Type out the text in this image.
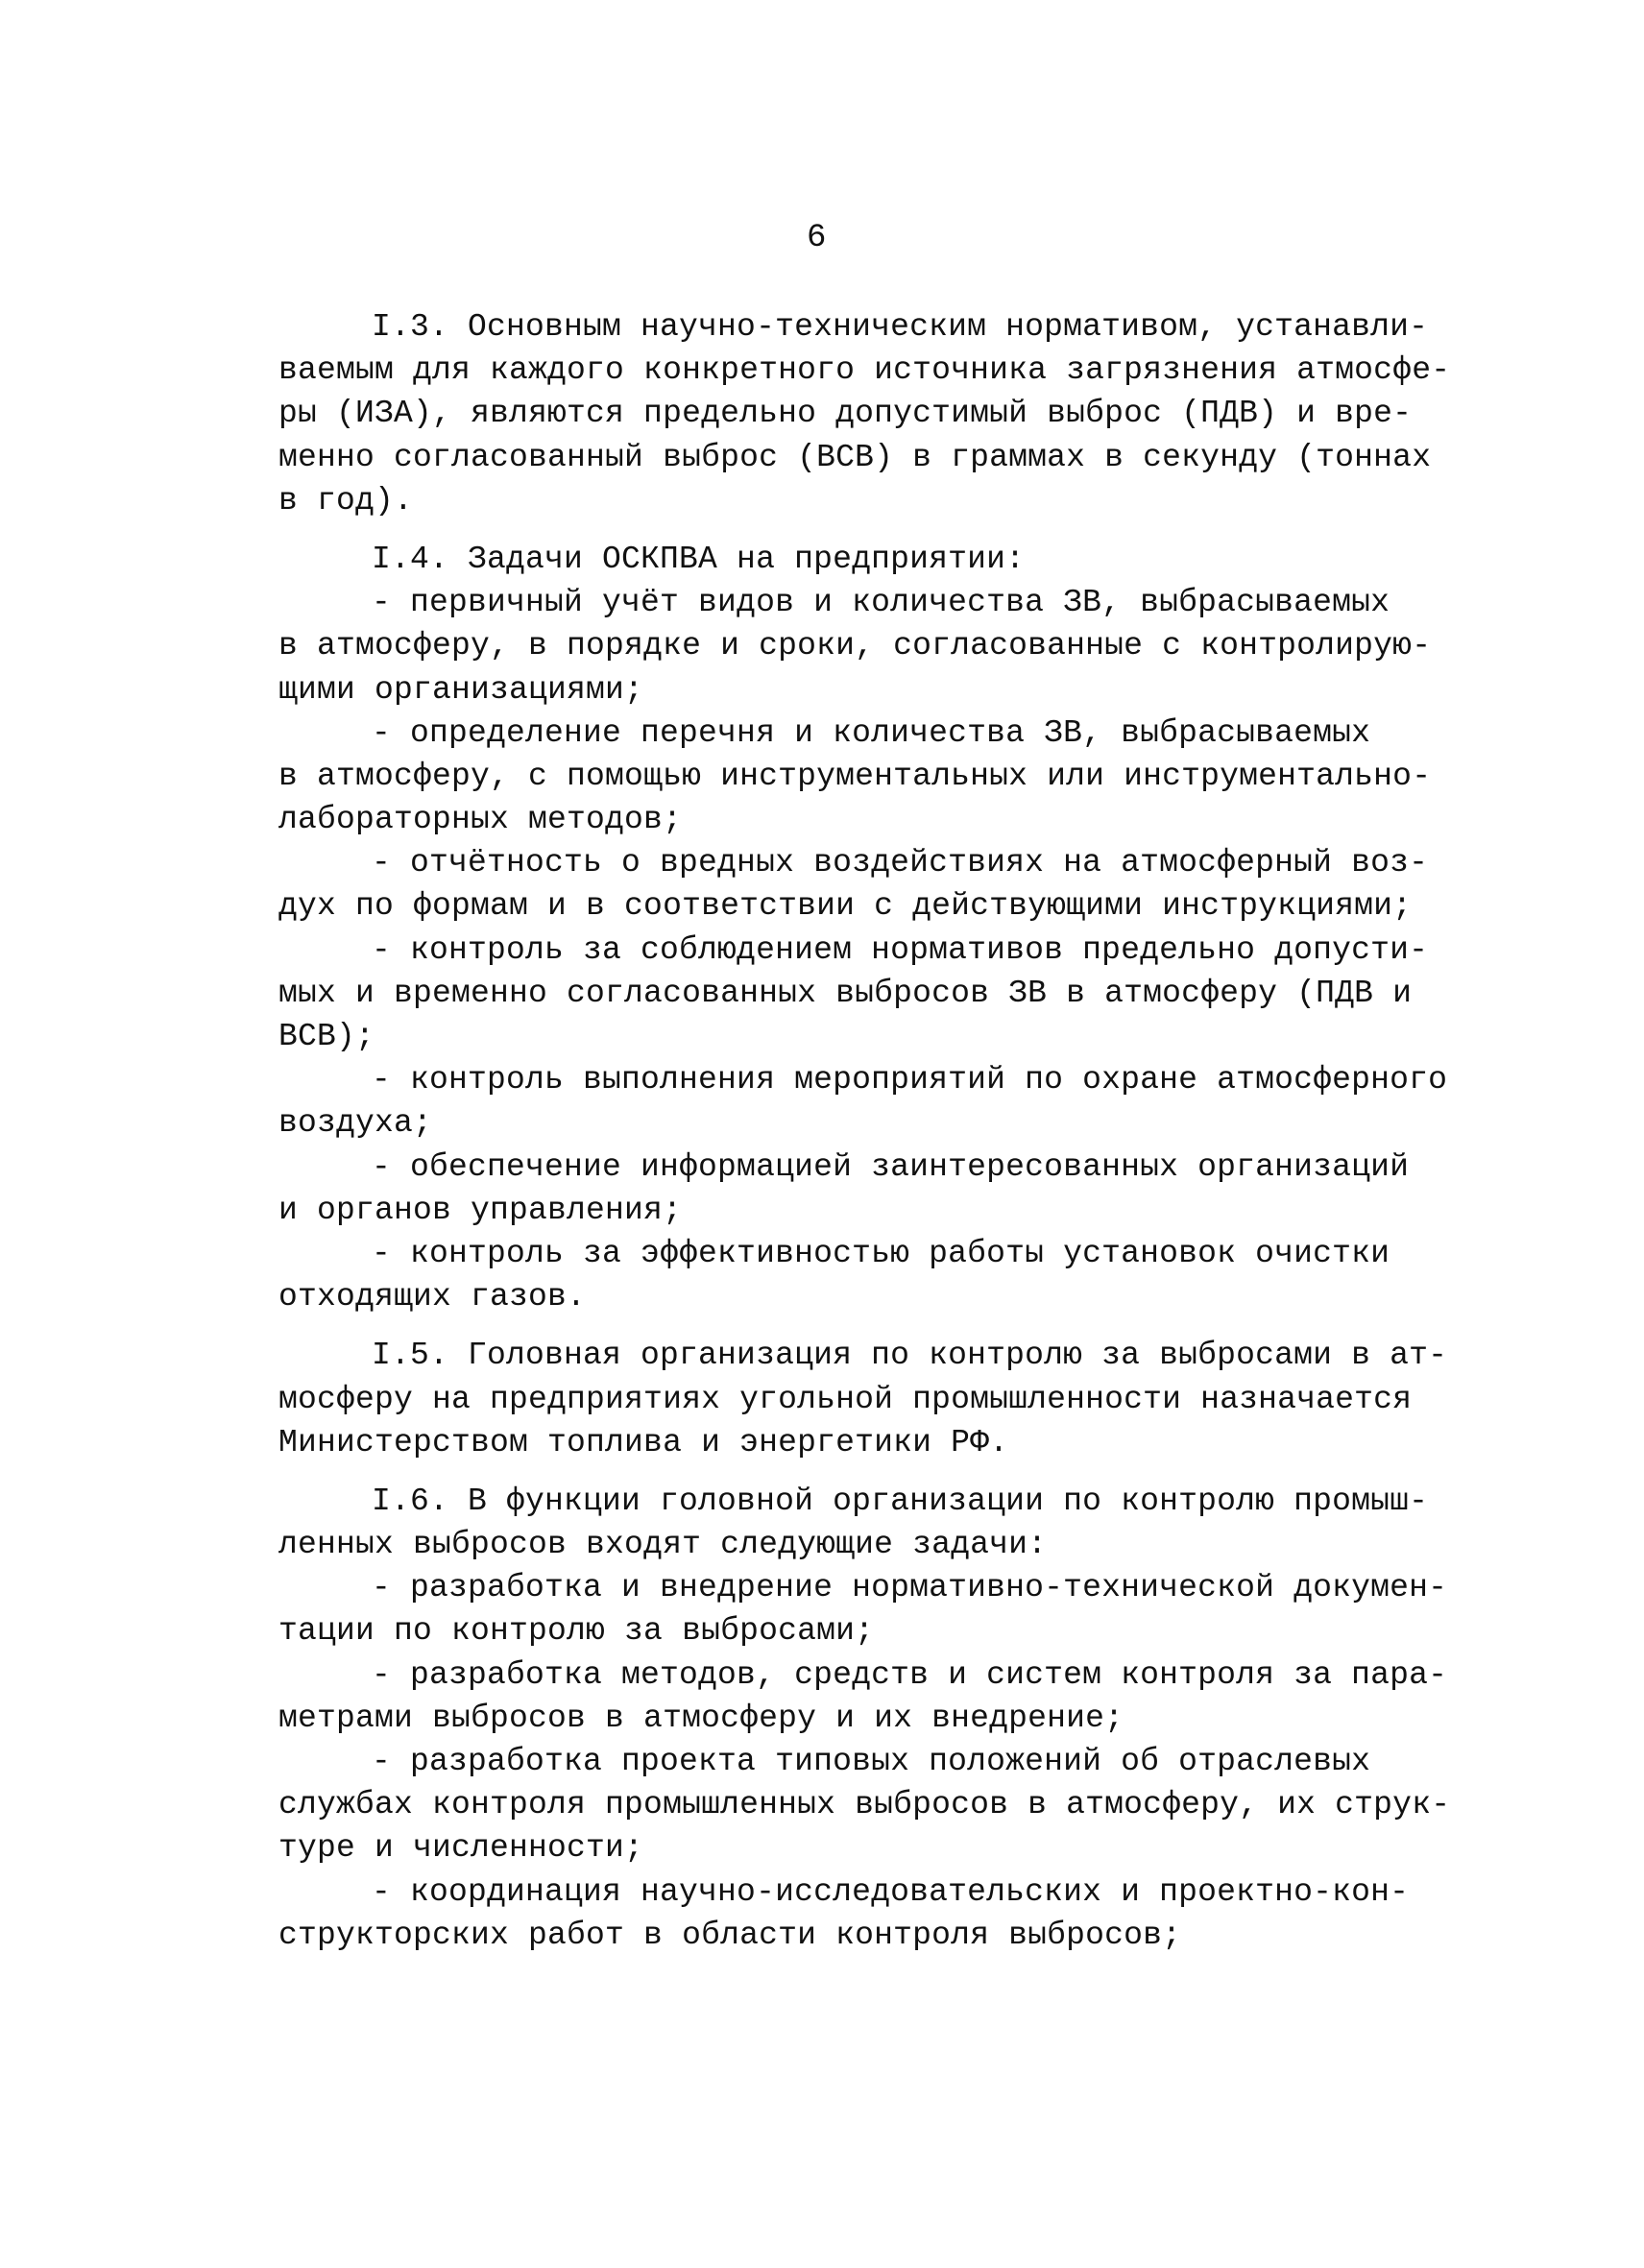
6
I.3. Основным научно-техническим нормативом, устанавли-
ваемым для каждого конкретного источника загрязнения атмосфе-
ры (ИЗА), являются предельно допустимый выброс (ПДВ) и вре-
менно согласованный выброс (ВСВ) в граммах в секунду (тоннах
в год).
I.4. Задачи ОСКПВА на предприятии:
- первичный учёт видов и количества ЗВ, выбрасываемых
в атмосферу, в порядке и сроки, согласованные с контролирую-
щими организациями;
- определение перечня и количества ЗВ, выбрасываемых
в атмосферу, с помощью инструментальных или инструментально-
лабораторных методов;
- отчётность о вредных воздействиях на атмосферный воз-
дух по формам и в соответствии с действующими инструкциями;
- контроль за соблюдением нормативов предельно допусти-
мых и временно согласованных выбросов ЗВ в атмосферу (ПДВ и
ВСВ);
- контроль выполнения мероприятий по охране атмосферного
воздуха;
- обеспечение информацией заинтересованных организаций
и органов управления;
- контроль за эффективностью работы установок очистки
отходящих газов.
I.5. Головная организация по контролю за выбросами в ат-
мосферу на предприятиях угольной промышленности назначается
Министерством топлива и энергетики РФ.
I.6. В функции головной организации по контролю промыш-
ленных выбросов входят следующие задачи:
- разработка и внедрение нормативно-технической докумен-
тации по контролю за выбросами;
- разработка методов, средств и систем контроля за пара-
метрами выбросов в атмосферу и их внедрение;
- разработка проекта типовых положений об отраслевых
службах контроля промышленных выбросов в атмосферу, их струк-
туре и численности;
- координация научно-исследовательских и проектно-кон-
структорских работ в области контроля выбросов;
